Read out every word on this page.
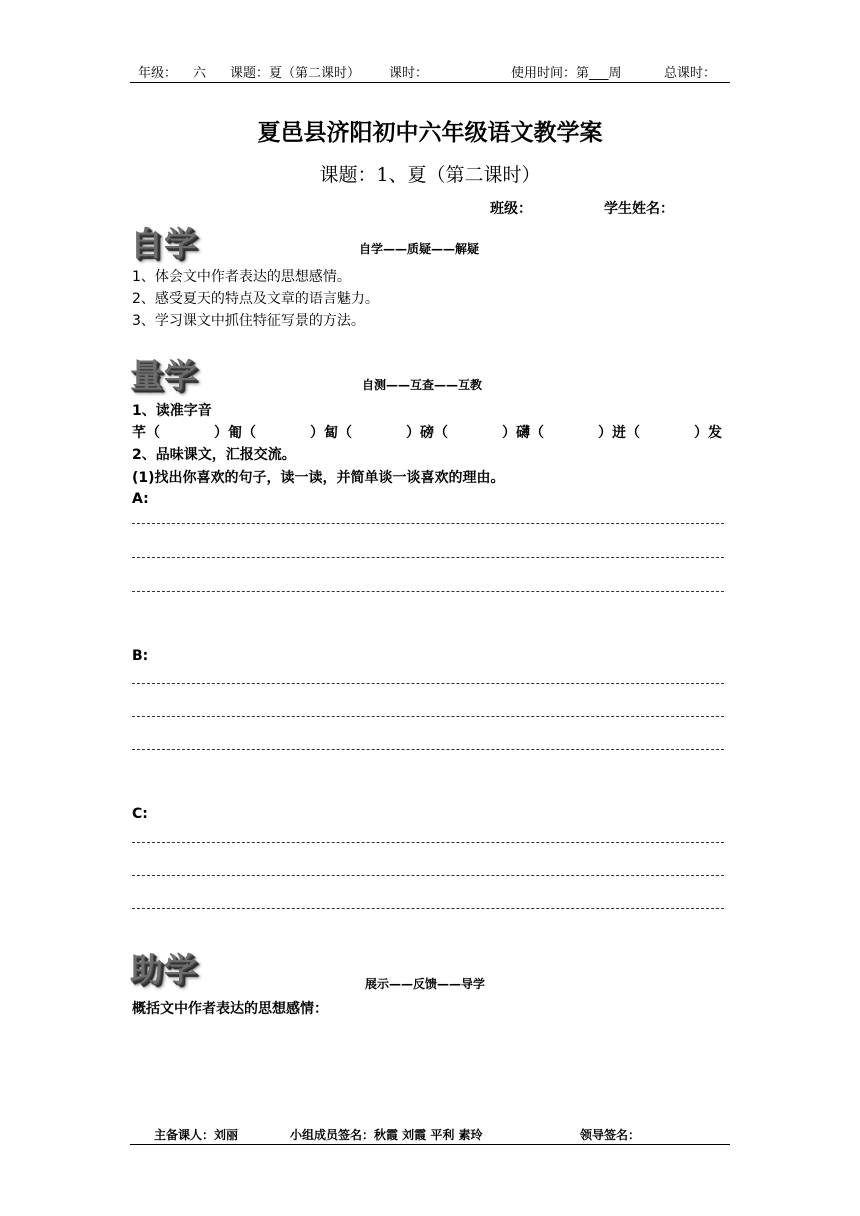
年级： 六 课题：夏（第二课时） 课时：	使用时间：第___周	总课时：
夏邑县济阳初中六年级语文教学案
课题：1、夏（第二课时）
班级：	学生姓名：
自学	自学——质疑——解疑
1、体会文中作者表达的思想感情。
2、感受夏天的特点及文章的语言魅力。
3、学习课文中抓住特征写景的方法。
量学	自测——互查——互教
1、读准字音
芊（	）匍（	）匐（	）磅（	）礴（	）迸（	）发
2、品味课文，汇报交流。
(1)找出你喜欢的句子，读一读，并简单谈一谈喜欢的理由。
A:
B:
C:
助学	展示——反馈——导学
概括文中作者表达的思想感情：
主备课人：刘丽	小组成员签名：秋霞 刘霞 平利 素玲	领导签名：
